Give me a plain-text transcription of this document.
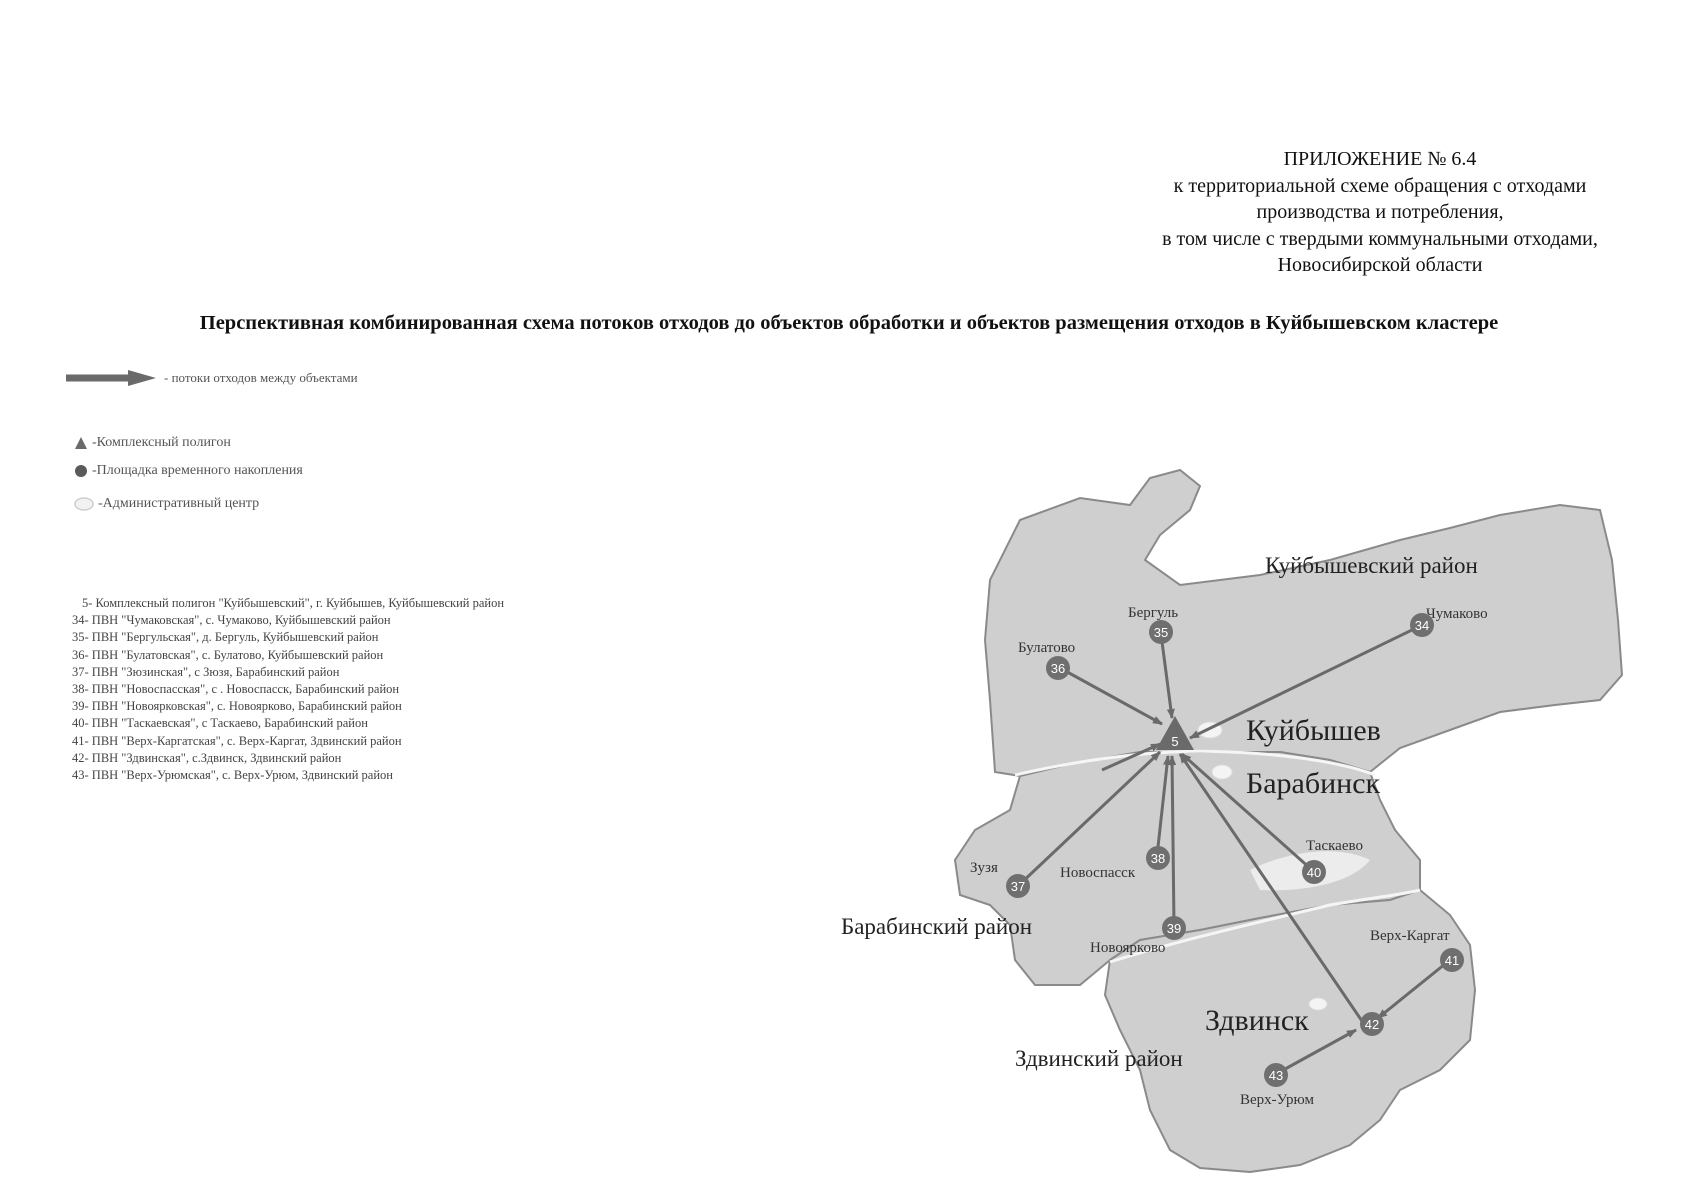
ПРИЛОЖЕНИЕ № 6.4
к территориальной схеме обращения с отходами
производства и потребления,
в том числе с твердыми коммунальными отходами,
Новосибирской области
Перспективная комбинированная схема потоков отходов до объектов обработки и объектов размещения отходов в Куйбышевском кластере
- потоки отходов между объектами
-Комплексный полигон
-Площадка временного накопления
-Административный центр
5- Комплексный полигон "Куйбышевский", г. Куйбышев, Куйбышевский район
34- ПВН "Чумаковская", с. Чумаково, Куйбышевский район
35- ПВН "Бергульская", д. Бергуль, Куйбышевский район
36- ПВН "Булатовская", с. Булатово, Куйбышевский район
37- ПВН "Зюзинская", с Зюзя, Барабинский район
38- ПВН "Новоспасская", с . Новоспасск, Барабинский район
39- ПВН "Новоярковская", с. Новоярково, Барабинский район
40- ПВН "Таскаевская", с Таскаево, Барабинский район
41- ПВН "Верх-Каргатская", с. Верх-Каргат, Здвинский район
42- ПВН "Здвинская", с.Здвинск, Здвинский район
43- ПВН "Верх-Урюмская", с. Верх-Урюм, Здвинский район
5
34
35
36
37
38
39
40
41
42
43
Чумаково
Бергуль
Булатово
Зузя	Новоспасск
Новоярково
Таскаево
Верх-Каргат
Верх-Урюм
Куйбышевский район
Барабинский район
Здвинский район
Куйбышев
Барабинск
Здвинск
